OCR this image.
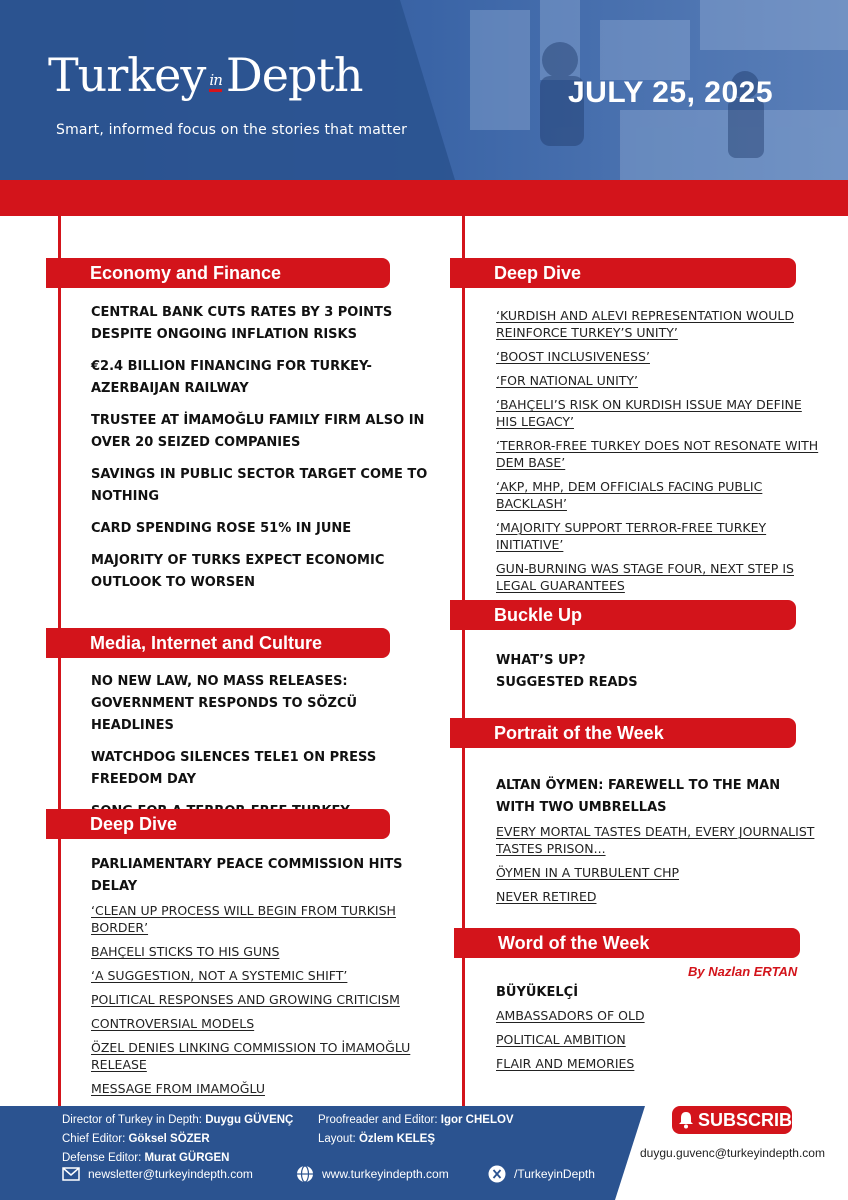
Turkey inDepth
Smart, informed focus on the stories that matter
JULY 25, 2025
Economy and Finance
CENTRAL BANK CUTS RATES BY 3 POINTS DESPITE ONGOING INFLATION RISKS
€2.4 BILLION FINANCING FOR TURKEY-AZERBAIJAN RAILWAY
TRUSTEE AT İMAMOĞLU FAMILY FIRM ALSO IN OVER 20 SEIZED COMPANIES
SAVINGS IN PUBLIC SECTOR TARGET COME TO NOTHING
CARD SPENDING ROSE 51% IN JUNE
MAJORITY OF TURKS EXPECT ECONOMIC OUTLOOK TO WORSEN
Media, Internet and Culture
NO NEW LAW, NO MASS RELEASES: GOVERNMENT RESPONDS TO SÖZCÜ HEADLINES
WATCHDOG SILENCES TELE1 ON PRESS FREEDOM DAY
Deep Dive
PARLIAMENTARY PEACE COMMISSION HITS DELAY
‘CLEAN UP PROCESS WILL BEGIN FROM TURKISH BORDER’
BAHÇELI STICKS TO HIS GUNS
‘A SUGGESTION, NOT A SYSTEMIC SHIFT’
POLITICAL RESPONSES AND GROWING CRITICISM
CONTROVERSIAL MODELS
ÖZEL DENIES LINKING COMMISSION TO İMAMOĞLU RELEASE
MESSAGE FROM IMAMOĞLU
Deep Dive
‘KURDISH AND ALEVI REPRESENTATION WOULD REINFORCE TURKEY’S UNITY’
‘BOOST INCLUSIVENESS’
‘FOR NATIONAL UNITY’
‘BAHÇELI’S RISK ON KURDISH ISSUE MAY DEFINE HIS LEGACY’
‘TERROR-FREE TURKEY DOES NOT RESONATE WITH DEM BASE’
‘AKP, MHP, DEM OFFICIALS FACING PUBLIC BACKLASH’
‘MAJORITY SUPPORT TERROR-FREE TURKEY INITIATIVE’
GUN-BURNING WAS STAGE FOUR, NEXT STEP IS LEGAL GUARANTEES
Buckle Up
WHAT’S UP?
SUGGESTED READS
Portrait of the Week
ALTAN ÖYMEN: FAREWELL TO THE MAN WITH TWO UMBRELLAS
EVERY MORTAL TASTES DEATH, EVERY JOURNALIST TASTES PRISON...
ÖYMEN IN A TURBULENT CHP
NEVER RETIRED
Word of the Week
By Nazlan ERTAN
BÜYÜKELÇİ
AMBASSADORS OF OLD
POLITICAL AMBITION
FLAIR AND MEMORIES
Director of Turkey in Depth: Duygu GÜVENÇ
Chief Editor: Göksel SÖZER
Defense Editor: Murat GÜRGEN
Proofreader and Editor: Igor CHELOV
Layout: Özlem KELEŞ
newsletter@turkeyindepth.com	www.turkeyindepth.com	/TurkeyinDepth
SUBSCRIBE
duygu.guvenc@turkeyindepth.com
